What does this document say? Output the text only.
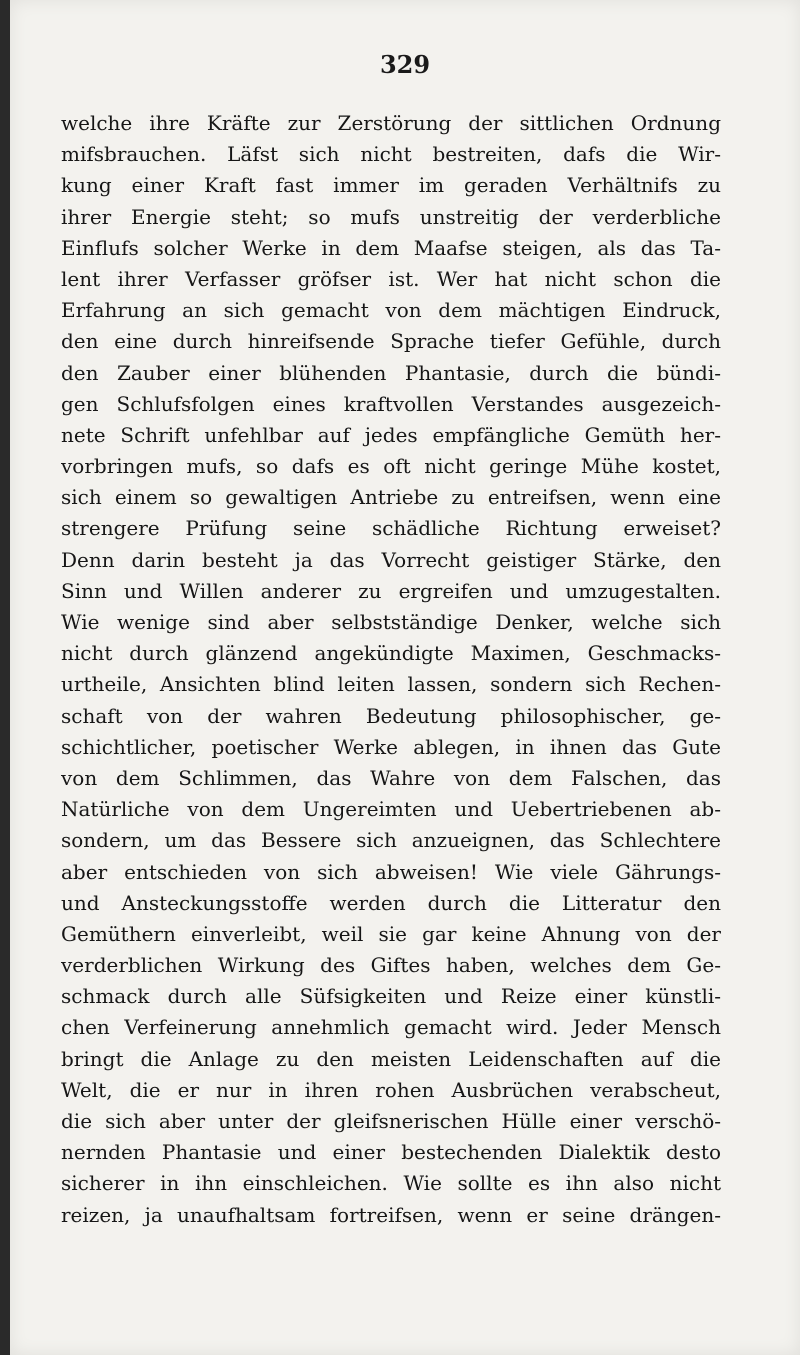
329
welche ihre Kräfte zur Zerstörung der sittlichen Ordnung
mifsbrauchen. Läfst sich nicht bestreiten, dafs die Wir-
kung einer Kraft fast immer im geraden Verhältnifs zu
ihrer Energie steht; so mufs unstreitig der verderbliche
Einflufs solcher Werke in dem Maafse steigen, als das Ta-
lent ihrer Verfasser gröfser ist. Wer hat nicht schon die
Erfahrung an sich gemacht von dem mächtigen Eindruck,
den eine durch hinreifsende Sprache tiefer Gefühle, durch
den Zauber einer blühenden Phantasie, durch die bündi-
gen Schlufsfolgen eines kraftvollen Verstandes ausgezeich-
nete Schrift unfehlbar auf jedes empfängliche Gemüth her-
vorbringen mufs, so dafs es oft nicht geringe Mühe kostet,
sich einem so gewaltigen Antriebe zu entreifsen, wenn eine
strengere Prüfung seine schädliche Richtung erweiset?
Denn darin besteht ja das Vorrecht geistiger Stärke, den
Sinn und Willen anderer zu ergreifen und umzugestalten.
Wie wenige sind aber selbstständige Denker, welche sich
nicht durch glänzend angekündigte Maximen, Geschmacks-
urtheile, Ansichten blind leiten lassen, sondern sich Rechen-
schaft von der wahren Bedeutung philosophischer, ge-
schichtlicher, poetischer Werke ablegen, in ihnen das Gute
von dem Schlimmen, das Wahre von dem Falschen, das
Natürliche von dem Ungereimten und Uebertriebenen ab-
sondern, um das Bessere sich anzueignen, das Schlechtere
aber entschieden von sich abweisen! Wie viele Gährungs-
und Ansteckungsstoffe werden durch die Litteratur den
Gemüthern einverleibt, weil sie gar keine Ahnung von der
verderblichen Wirkung des Giftes haben, welches dem Ge-
schmack durch alle Süfsigkeiten und Reize einer künstli-
chen Verfeinerung annehmlich gemacht wird. Jeder Mensch
bringt die Anlage zu den meisten Leidenschaften auf die
Welt, die er nur in ihren rohen Ausbrüchen verabscheut,
die sich aber unter der gleifsnerischen Hülle einer verschö-
nernden Phantasie und einer bestechenden Dialektik desto
sicherer in ihn einschleichen. Wie sollte es ihn also nicht
reizen, ja unaufhaltsam fortreifsen, wenn er seine drängen-
